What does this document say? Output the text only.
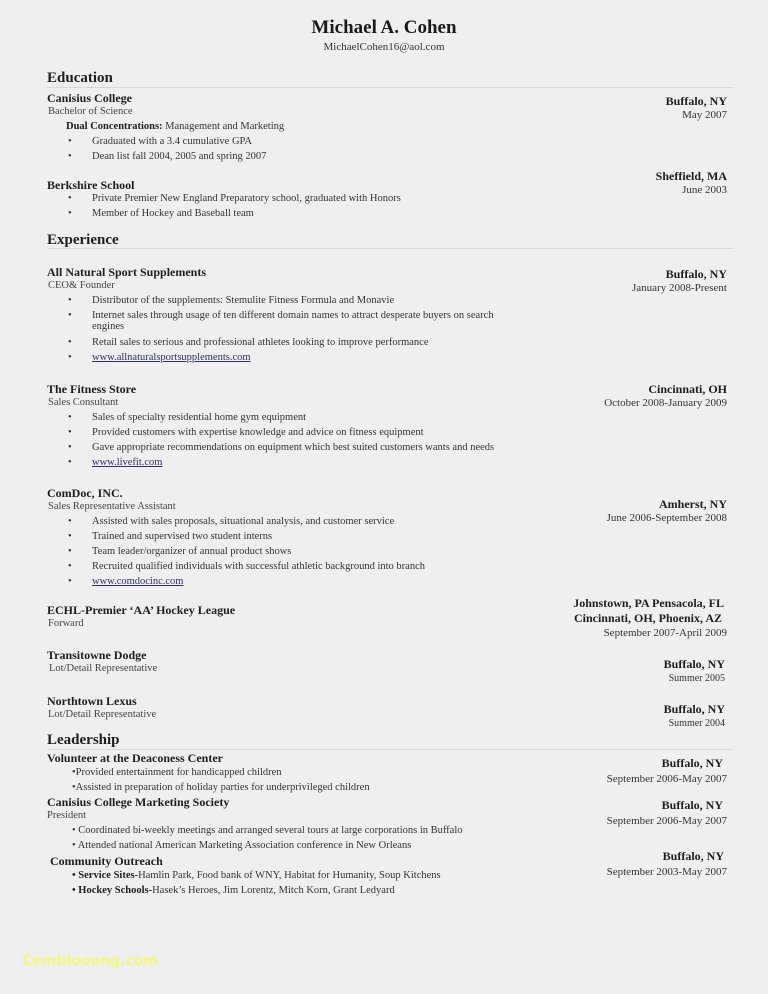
Michael A. Cohen
MichaelCohen16@aol.com
Education
Canisius College
Bachelor of Science
Dual Concentrations: Management and Marketing
• Graduated with a 3.4 cumulative GPA
• Dean list fall 2004, 2005 and spring 2007
Buffalo, NY
May 2007
Berkshire School
• Private Premier New England Preparatory school, graduated with Honors
• Member of Hockey and Baseball team
Sheffield, MA
June 2003
Experience
All Natural Sport Supplements
CEO& Founder
• Distributor of the supplements: Stemulite Fitness Formula and Monavie
• Internet sales through usage of ten different domain names to attract desperate buyers on search engines
• Retail sales to serious and professional athletes looking to improve performance
• www.allnaturalsportsupplements.com
Buffalo, NY
January 2008-Present
The Fitness Store
Sales Consultant
• Sales of specialty residential home gym equipment
• Provided customers with expertise knowledge and advice on fitness equipment
• Gave appropriate recommendations on equipment which best suited customers wants and needs
• www.livefit.com
Cincinnati, OH
October 2008-January 2009
ComDoc, INC.
Sales Representative Assistant
• Assisted with sales proposals, situational analysis, and customer service
• Trained and supervised two student interns
• Team leader/organizer of annual product shows
• Recruited qualified individuals with successful athletic background into branch
• www.comdocinc.com
Amherst, NY
June 2006-September 2008
ECHL-Premier ‘AA’ Hockey League
Forward
Johnstown, PA Pensacola, FL
Cincinnati, OH, Phoenix, AZ
September 2007-April 2009
Transitowne Dodge
Lot/Detail Representative	Buffalo, NY
Summer 2005
Northtown Lexus
Lot/Detail Representative	Buffalo, NY
Summer 2004
Leadership
Volunteer at the Deaconess Center
•Provided entertainment for handicapped children
•Assisted in preparation of holiday parties for underprivileged children
Buffalo, NY
September 2006-May 2007
Canisius College Marketing Society
President
• Coordinated bi-weekly meetings and arranged several tours at large corporations in Buffalo
• Attended national American Marketing Association conference in New Orleans
Buffalo, NY
September 2006-May 2007
Community Outreach
• Service Sites-Hamlin Park, Food bank of WNY, Habitat for Humanity, Soup Kitchens
• Hockey Schools-Hasek’s Heroes, Jim Lorentz, Mitch Korn, Grant Ledyard
Buffalo, NY
September 2003-May 2007
Cemblooong.com
